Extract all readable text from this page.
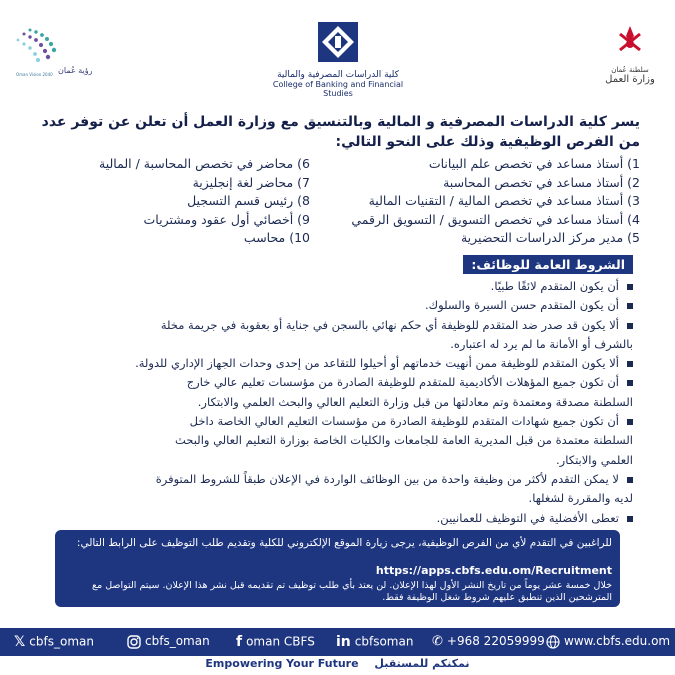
رؤية عُمان
Oman Vision 2040	كلية الدراسات المصرفية والمالية
College of Banking and Financial Studies
سلطنة عُمان
وزارة العمل
يسر كلية الدراسات المصرفية و المالية وبالتنسيق مع وزارة العمل أن تعلن عن توفر عدد من الفرص الوظيفية وذلك على النحو التالي:
1) أستاذ مساعد في تخصص علم البيانات
2) أستاذ مساعد في تخصص المحاسبة
3) أستاذ مساعد في تخصص المالية / التقنيات المالية
4) أستاذ مساعد في تخصص التسويق / التسويق الرقمي
5) مدير مركز الدراسات التحضيرية
6) محاضر في تخصص المحاسبة / المالية
7) محاضر لغة إنجليزية
8) رئيس قسم التسجيل
9) أخصائي أول عقود ومشتريات
10) محاسب
الشروط العامة للوظائف:
أن يكون المتقدم لائقًا طبيًا.
أن يكون المتقدم حسن السيرة والسلوك.
ألا يكون قد صدر ضد المتقدم للوظيفة أي حكم نهائي بالسجن في جناية أو بعقوبة في جريمة مخلة
بالشرف أو الأمانة ما لم يرد له اعتباره.
ألا يكون المتقدم للوظيفة ممن أنهيت خدماتهم أو أحيلوا للتقاعد من إحدى وحدات الجهاز الإداري للدولة.
أن تكون جميع المؤهلات الأكاديمية للمتقدم للوظيفة الصادرة من مؤسسات تعليم عالي خارج
السلطنة مصدقة ومعتمدة وتم معادلتها من قبل وزارة التعليم العالي والبحث العلمي والابتكار.
أن تكون جميع شهادات المتقدم للوظيفة الصادرة من مؤسسات التعليم العالي الخاصة داخل
السلطنة معتمدة من قبل المديرية العامة للجامعات والكليات الخاصة بوزارة التعليم العالي والبحث
العلمي والابتكار.
لا يمكن التقدم لأكثر من وظيفة واحدة من بين الوظائف الواردة في الإعلان طبقاً للشروط المتوفرة
لديه والمقررة لشغلها.
تعطى الأفضلية في التوظيف للعمانيين.
للراغبين في التقدم لأي من الفرص الوظيفية، يرجى زيارة الموقع الإلكتروني للكلية وتقديم طلب التوظيف على الرابط التالي:
https://apps.cbfs.edu.om/Recruitment
خلال خمسة عشر يوماً من تاريخ النشر الأول لهذا الإعلان. لن يعتد بأي طلب توظيف تم تقديمه قبل نشر هذا الإعلان. سيتم التواصل مع المترشحين الذين تنطبق عليهم شروط شغل الوظيفة فقط.
𝕏 cbfs_oman	cbfs_oman f oman CBFS in cbfsoman ✆ +968 22059999	www.cbfs.edu.om
Empowering Your Future نمكنكم للمستقبل
